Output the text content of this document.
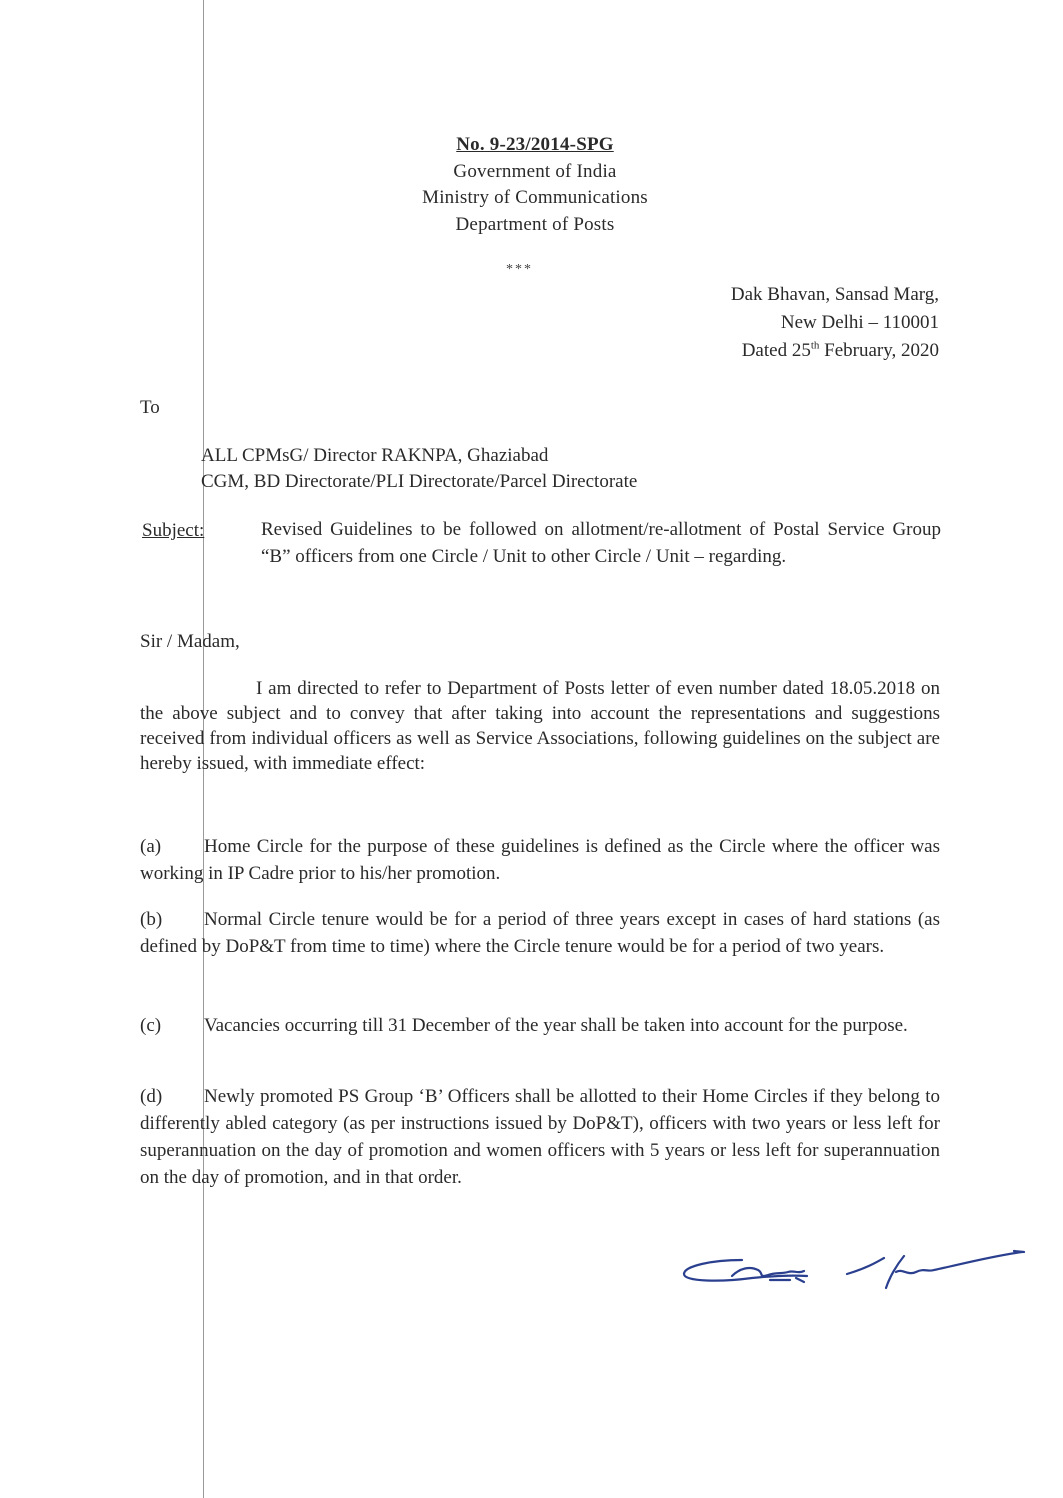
No. 9-23/2014-SPG
Government of India
Ministry of Communications
Department of Posts
***
Dak Bhavan, Sansad Marg,
New Delhi – 110001
Dated 25th February, 2020
To
ALL CPMsG/ Director RAKNPA, Ghaziabad
CGM, BD Directorate/PLI Directorate/Parcel Directorate
Subject:	Revised Guidelines to be followed on allotment/re-allotment of Postal Service Group “B” officers from one Circle / Unit to other Circle / Unit – regarding.
Sir / Madam,
I am directed to refer to Department of Posts letter of even number dated 18.05.2018 on the above subject and to convey that after taking into account the representations and suggestions received from individual officers as well as Service Associations, following guidelines on the subject are hereby issued, with immediate effect:
(a) Home Circle for the purpose of these guidelines is defined as the Circle where the officer was working in IP Cadre prior to his/her promotion.
(b) Normal Circle tenure would be for a period of three years except in cases of hard stations (as defined by DoP&T from time to time) where the Circle tenure would be for a period of two years.
(c) Vacancies occurring till 31 December of the year shall be taken into account for the purpose.
(d) Newly promoted PS Group ‘B’ Officers shall be allotted to their Home Circles if they belong to differently abled category (as per instructions issued by DoP&T), officers with two years or less left for superannuation on the day of promotion and women officers with 5 years or less left for superannuation on the day of promotion, and in that order.
